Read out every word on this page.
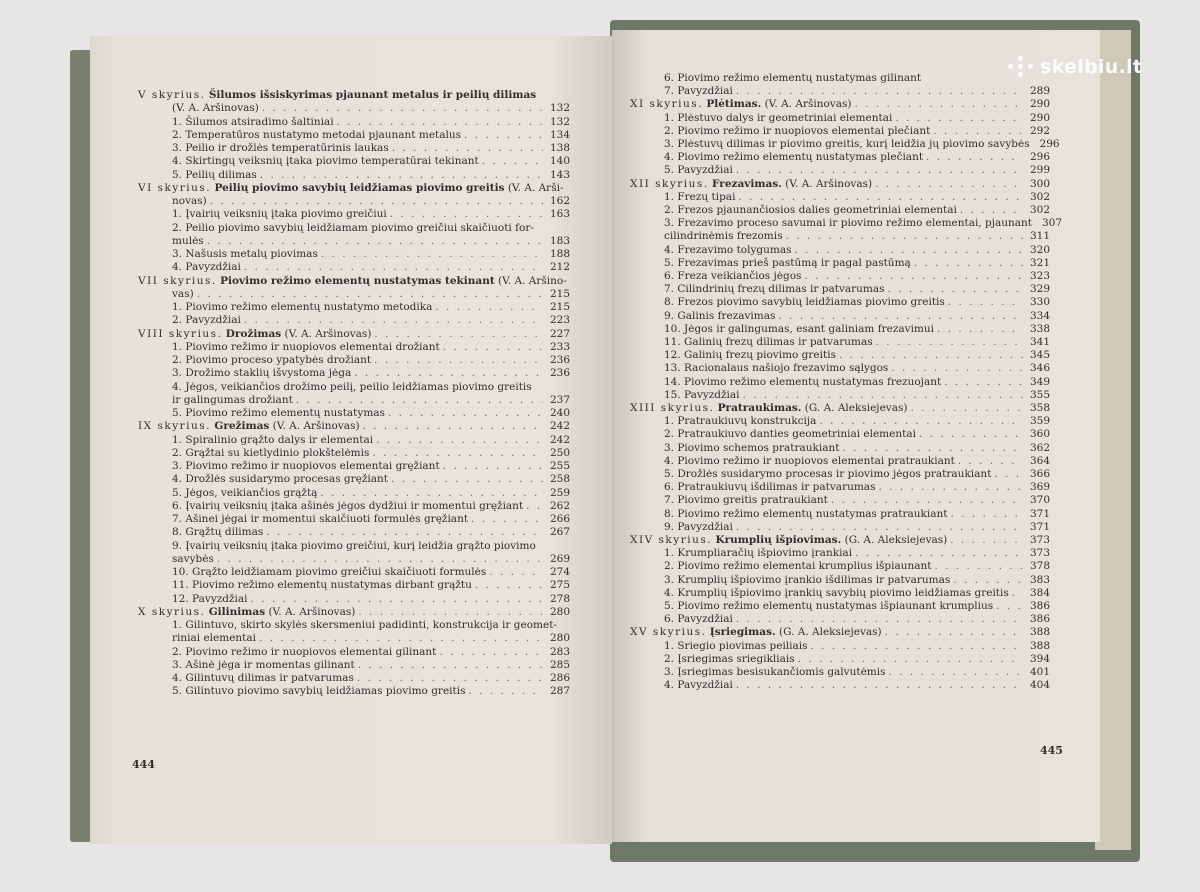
V skyrius. Šilumos išsiskyrimas pjaunant metalus ir peilių dilimas
(V. A. Aršinovas) . . .	132
1. Šilumos atsiradimo šaltiniai . . .	132
2. Temperatūros nustatymo metodai pjaunant metalus . . .	134
3. Peilio ir drožlės temperatūrinis laukas . . .	138
4. Skirtingų veiksnių įtaka piovimo temperatūrai tekinant . . .	140
5. Peilių dilimas . . .	143
VI skyrius. Peilių piovimo savybių leidžiamas piovimo greitis (V. A. Arši-
novas) . . .	162
1. Įvairių veiksnių įtaka piovimo greičiui . . .	163
2. Peilio piovimo savybių leidžiamam piovimo greičiui skaičiuoti for-
mulės . . .	183
3. Našusis metalų piovimas . . .	188
4. Pavyzdžiai . . .	212
VII skyrius. Piovimo režimo elementų nustatymas tekinant (V. A. Aršino-
vas) . . .	215
1. Piovimo režimo elementų nustatymo metodika . . .	215
2. Pavyzdžiai . . .	223
VIII skyrius. Drožimas (V. A. Aršinovas) . . .	227
1. Piovimo režimo ir nuopiovos elementai drožiant . . .	233
2. Piovimo proceso ypatybės drožiant . . .	236
3. Drožimo staklių išvystoma jėga . . .	236
4. Jėgos, veikiančios drožimo peilį, peilio leidžiamas piovimo greitis
ir galingumas drožiant . . .	237
5. Piovimo režimo elementų nustatymas . . .	240
IX skyrius. Grežimas (V. A. Aršinovas) . . .	242
1. Spiralinio grąžto dalys ir elementai . . .	242
2. Grąžtai su kietlydinio plokštelėmis . . .	250
3. Piovimo režimo ir nuopiovos elementai gręžiant . . .	255
4. Drožlės susidarymo procesas gręžiant . . .	258
5. Jėgos, veikiančios grąžtą . . .	259
6. Įvairių veiksnių įtaka ašinės jėgos dydžiui ir momentui gręžiant . . .	262
7. Ašinei jėgai ir momentui skaičiuoti formulės gręžiant . . .	266
8. Grąžtų dilimas . . .	267
9. Įvairių veiksnių įtaka piovimo greičiui, kurį leidžia grąžto piovimo
savybės . . .	269
10. Grąžto leidžiamam piovimo greičiui skaičiuoti formulės . . .	274
11. Piovimo režimo elementų nustatymas dirbant grąžtu . . .	275
12. Pavyzdžiai . . .	278
X skyrius. Gilinimas (V. A. Aršinovas) . . .	280
1. Gilintuvo, skirto skylės skersmeniui padidinti, konstrukcija ir geomet-
riniai elementai . . .	280
2. Piovimo režimo ir nuopiovos elementai gilinant . . .	283
3. Ašinė jėga ir momentas gilinant . . .	285
4. Gilintuvų dilimas ir patvarumas . . .	286
5. Gilintuvo piovimo savybių leidžiamas piovimo greitis . . .	287
444
6. Piovimo režimo elementų nustatymas gilinant
7. Pavyzdžiai . . .	289
XI skyrius. Plėtimas. (V. A. Aršinovas) . . .	290
1. Plėstuvo dalys ir geometriniai elementai . . .	290
2. Piovimo režimo ir nuopiovos elementai plečiant . . .	292
3. Plėstuvų dilimas ir piovimo greitis, kurį leidžia jų piovimo savybės 296
4. Piovimo režimo elementų nustatymas plečiant . . .	296
5. Pavyzdžiai . . .	299
XII skyrius. Frezavimas. (V. A. Aršinovas) . . .	300
1. Frezų tipai . . .	302
2. Frezos pjaunančiosios dalies geometriniai elementai . . .	302
3. Frezavimo proceso savumai ir piovimo režimo elementai, pjaunant 307
cilindrinėmis frezomis . . .	311
4. Frezavimo tolygumas . . .	320
5. Frezavimas prieš pastūmą ir pagal pastūmą . . .	321
6. Freza veikiančios jėgos . . .	323
7. Cilindrinių frezų dilimas ir patvarumas . . .	329
8. Frezos piovimo savybių leidžiamas piovimo greitis . . .	330
9. Galinis frezavimas . . .	334
10. Jėgos ir galingumas, esant galiniam frezavimui . . .	338
11. Galinių frezų dilimas ir patvarumas . . .	341
12. Galinių frezų piovimo greitis . . .	345
13. Racionalaus našiojo frezavimo sąlygos . . .	346
14. Piovimo režimo elementų nustatymas frezuojant . . .	349
15. Pavyzdžiai . . .	355
XIII skyrius. Pratraukimas. (G. A. Aleksiejevas) . . .	358
1. Pratraukiuvų konstrukcija . . .	359
2. Pratraukiuvo danties geometriniai elementai . . .	360
3. Piovimo schemos pratraukiant . . .	362
4. Piovimo režimo ir nuopiovos elementai pratraukiant . . .	364
5. Drožlės susidarymo procesas ir piovimo jėgos pratraukiant . . .	366
6. Pratraukiuvų išdilimas ir patvarumas . . .	369
7. Piovimo greitis pratraukiant . . .	370
8. Piovimo režimo elementų nustatymas pratraukiant . . .	371
9. Pavyzdžiai . . .	371
XIV skyrius. Krumplių išpiovimas. (G. A. Aleksiejevas) . . .	373
1. Krumpliaračių išpiovimo įrankiai . . .	373
2. Piovimo režimo elementai krumplius išpiaunant . . .	378
3. Krumplių išpiovimo įrankio išdilimas ir patvarumas . . .	383
4. Krumplių išpiovimo įrankių savybių piovimo leidžiamas greitis . . .	384
5. Piovimo režimo elementų nustatymas išpiaunant krumplius . . .	386
6. Pavyzdžiai . . .	386
XV skyrius. Įsriegimas. (G. A. Aleksiejevas) . . .	388
1. Sriegio piovimas peiliais . . .	388
2. Įsriegimas sriegikliais . . .	394
3. Įsriegimas besisukančiomis galvutėmis . . .	401
4. Pavyzdžiai . . .	404
445
skelbiu.lt
